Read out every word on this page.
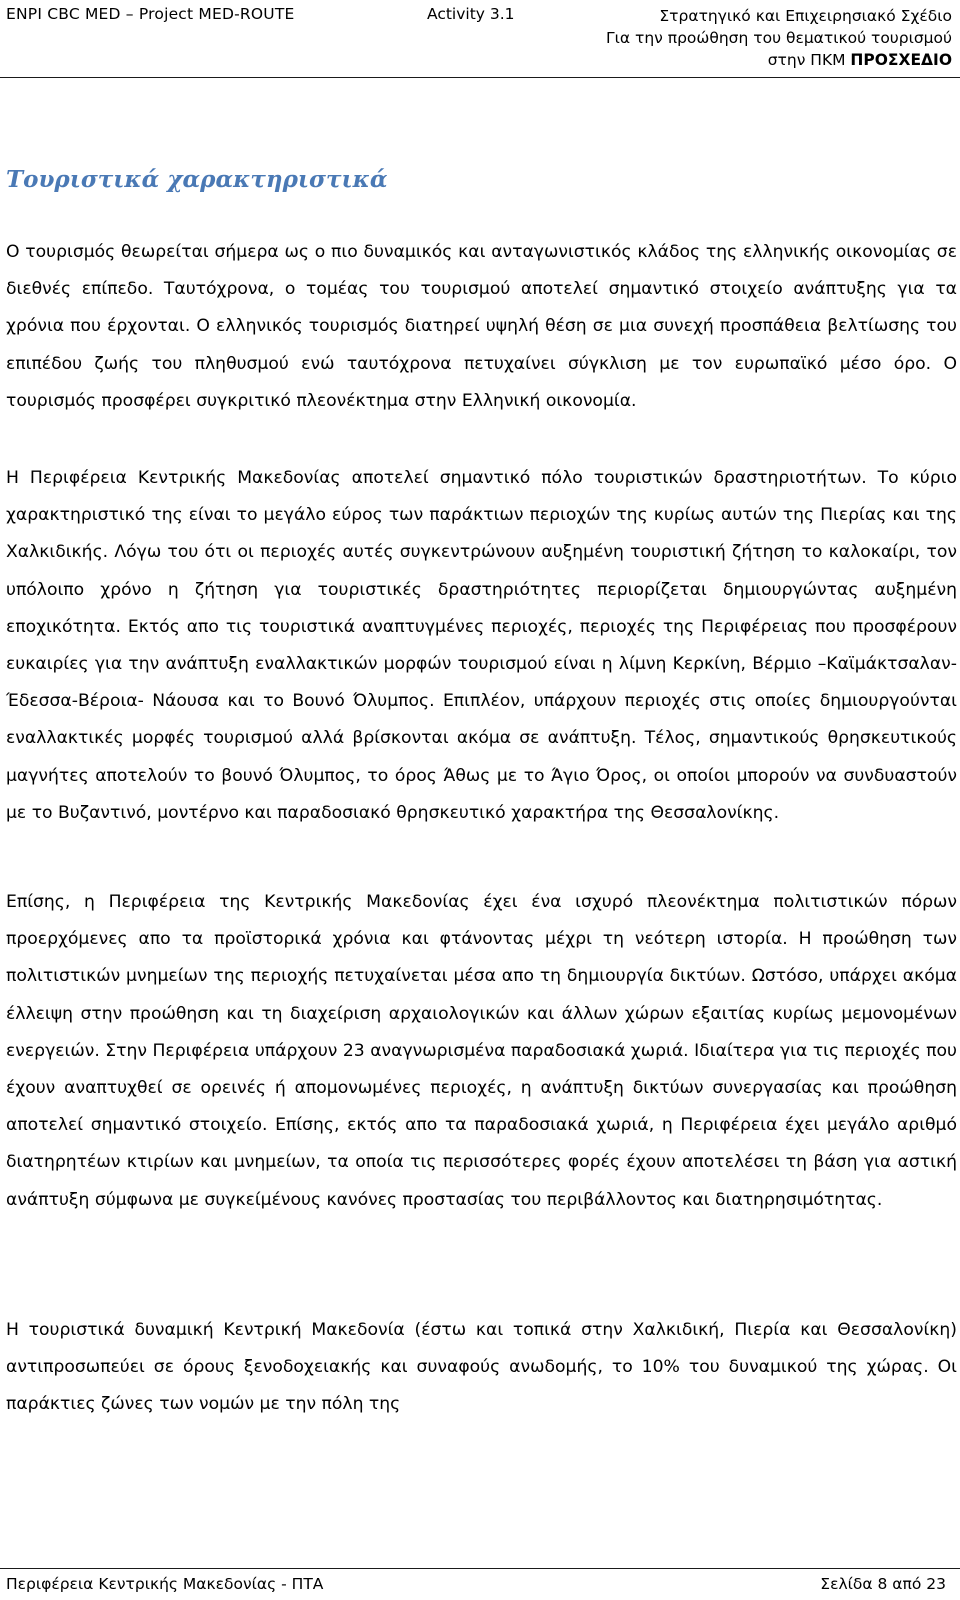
ENPI CBC MED – Project MED-ROUTE	Activity 3.1	Στρατηγικό και Επιχειρησιακό Σχέδιο
Για την προώθηση του θεματικού τουρισμού
στην ΠΚΜ ΠΡΟΣΧΕΔΙΟ
Τουριστικά χαρακτηριστικά

Ο τουρισμός θεωρείται σήμερα ως ο πιο δυναμικός και ανταγωνιστικός κλάδος της ελληνικής οικονομίας σε διεθνές επίπεδο. Ταυτόχρονα, ο τομέας του τουρισμού αποτελεί σημαντικό στοιχείο ανάπτυξης για τα χρόνια που έρχονται. Ο ελληνικός τουρισμός διατηρεί υψηλή θέση σε μια συνεχή προσπάθεια βελτίωσης του επιπέδου ζωής του πληθυσμού ενώ ταυτόχρονα πετυχαίνει σύγκλιση με τον ευρωπαϊκό μέσο όρο. Ο τουρισμός προσφέρει συγκριτικό πλεονέκτημα στην Ελληνική οικονομία.

Η Περιφέρεια Κεντρικής Μακεδονίας αποτελεί σημαντικό πόλο τουριστικών δραστηριοτήτων. Το κύριο χαρακτηριστικό της είναι το μεγάλο εύρος των παράκτιων περιοχών της κυρίως αυτών της Πιερίας και της Χαλκιδικής. Λόγω του ότι οι περιοχές αυτές συγκεντρώνουν αυξημένη τουριστική ζήτηση το καλοκαίρι, τον υπόλοιπο χρόνο η ζήτηση για τουριστικές δραστηριότητες περιορίζεται δημιουργώντας αυξημένη εποχικότητα. Εκτός απο τις τουριστικά αναπτυγμένες περιοχές, περιοχές της Περιφέρειας που προσφέρουν ευκαιρίες για την ανάπτυξη εναλλακτικών μορφών τουρισμού είναι η λίμνη Κερκίνη, Βέρμιο –Καϊμάκτσαλαν-Έδεσσα-Βέροια- Νάουσα και το Βουνό Όλυμπος. Επιπλέον, υπάρχουν περιοχές στις οποίες δημιουργούνται εναλλακτικές μορφές τουρισμού αλλά βρίσκονται ακόμα σε ανάπτυξη. Τέλος, σημαντικούς θρησκευτικούς μαγνήτες αποτελούν το βουνό Όλυμπος, το όρος Άθως με το Άγιο Όρος, οι οποίοι μπορούν να συνδυαστούν με το Βυζαντινό, μοντέρνο και παραδοσιακό θρησκευτικό χαρακτήρα της Θεσσαλονίκης.

Επίσης, η Περιφέρεια της Κεντρικής Μακεδονίας έχει ένα ισχυρό πλεονέκτημα πολιτιστικών πόρων προερχόμενες απο τα προϊστορικά χρόνια και φτάνοντας μέχρι τη νεότερη ιστορία. Η προώθηση των πολιτιστικών μνημείων της περιοχής πετυχαίνεται μέσα απο τη δημιουργία δικτύων. Ωστόσο, υπάρχει ακόμα έλλειψη στην προώθηση και τη διαχείριση αρχαιολογικών και άλλων χώρων εξαιτίας κυρίως μεμονομένων ενεργειών. Στην Περιφέρεια υπάρχουν 23 αναγνωρισμένα παραδοσιακά χωριά. Ιδιαίτερα για τις περιοχές που έχουν αναπτυχθεί σε ορεινές ή απομονωμένες περιοχές, η ανάπτυξη δικτύων συνεργασίας και προώθηση αποτελεί σημαντικό στοιχείο. Επίσης, εκτός απο τα παραδοσιακά χωριά, η Περιφέρεια έχει μεγάλο αριθμό διατηρητέων κτιρίων και μνημείων, τα οποία τις περισσότερες φορές έχουν αποτελέσει τη βάση για αστική ανάπτυξη σύμφωνα με συγκείμένους κανόνες προστασίας του περιβάλλοντος και διατηρησιμότητας.

Η τουριστικά δυναμική Κεντρική Μακεδονία (έστω και τοπικά στην Χαλκιδική, Πιερία και Θεσσαλονίκη) αντιπροσωπεύει σε όρους ξενοδοχειακής και συναφούς ανωδομής, το 10% του δυναμικού της χώρας. Οι παράκτιες ζώνες των νομών με την πόλη της

Περιφέρεια Κεντρικής Μακεδονίας - ΠΤΑ	Σελίδα 8 από 23
